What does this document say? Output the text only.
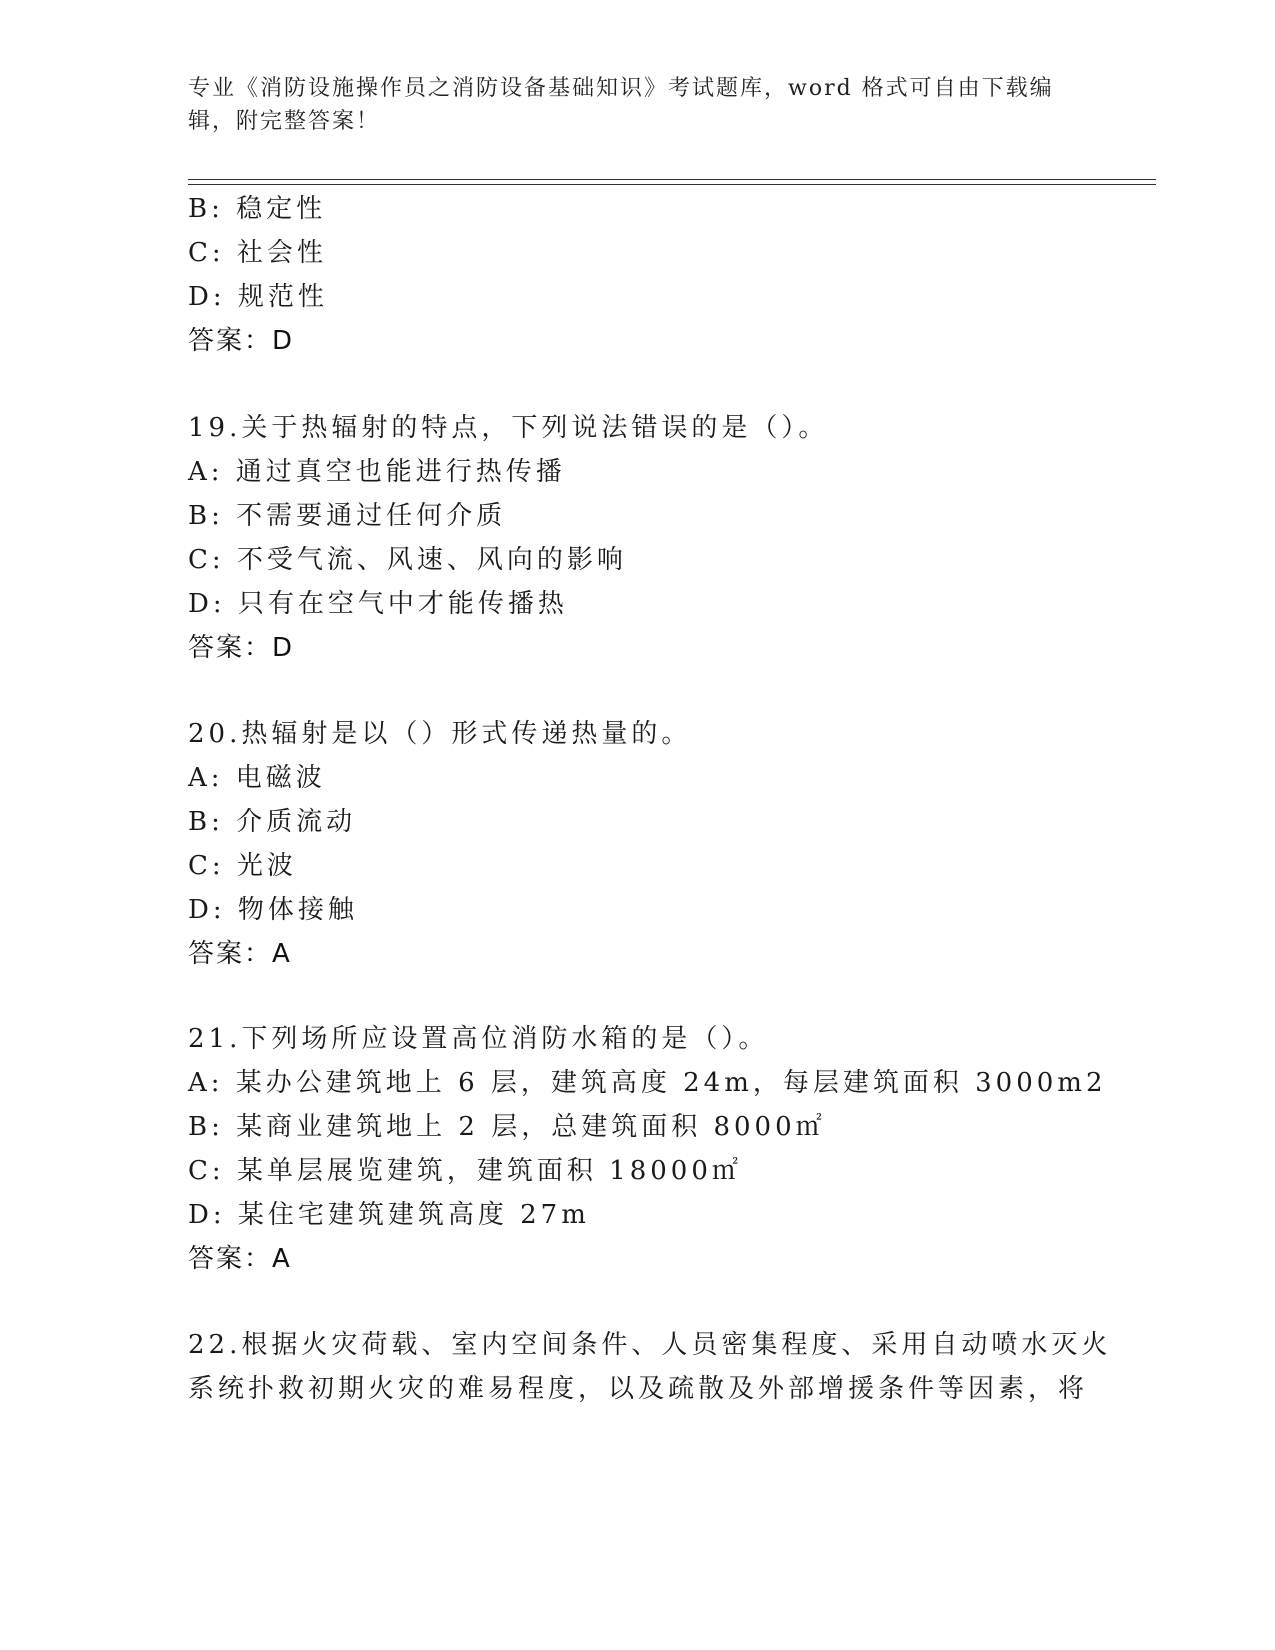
专业《消防设施操作员之消防设备基础知识》考试题库，word 格式可自由下载编
辑，附完整答案！
B: 稳定性
C: 社会性
D: 规范性
答案：D
19.关于热辐射的特点，下列说法错误的是（）。
A: 通过真空也能进行热传播
B: 不需要通过任何介质
C: 不受气流、风速、风向的影响
D: 只有在空气中才能传播热
答案：D
20.热辐射是以（）形式传递热量的。
A: 电磁波
B: 介质流动
C: 光波
D: 物体接触
答案：A
21.下列场所应设置高位消防水箱的是（）。
A: 某办公建筑地上 6 层，建筑高度 24m，每层建筑面积 3000m2
B: 某商业建筑地上 2 层，总建筑面积 8000㎡
C: 某单层展览建筑，建筑面积 18000㎡
D: 某住宅建筑建筑高度 27m
答案：A
22.根据火灾荷载、室内空间条件、人员密集程度、采用自动喷水灭火
系统扑救初期火灾的难易程度，以及疏散及外部增援条件等因素，将
